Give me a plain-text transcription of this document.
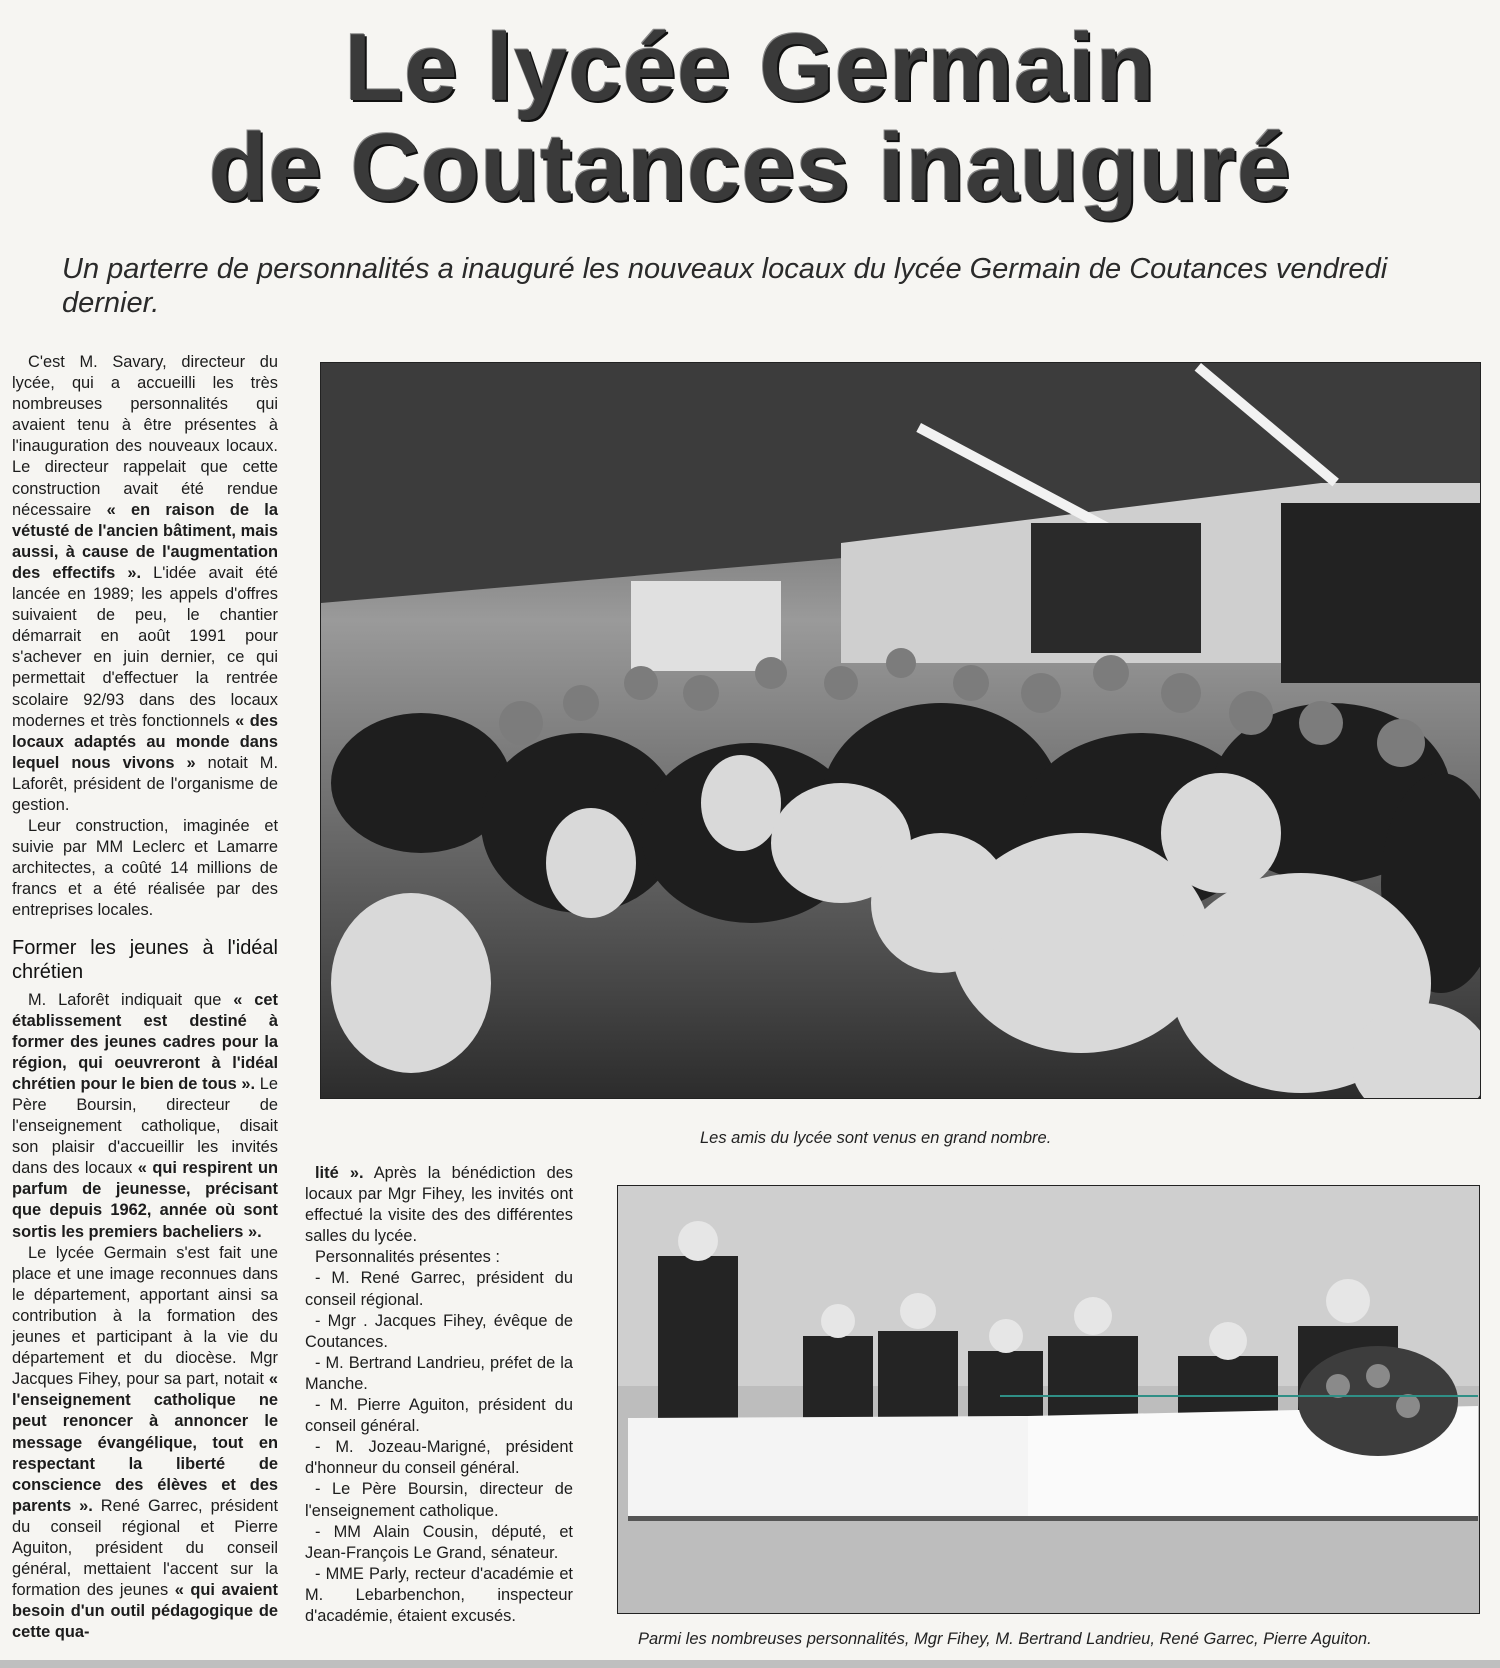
Le lycée Germain
de Coutances inauguré
Un parterre de personnalités a inauguré les nouveaux locaux du lycée Germain de Coutances vendredi dernier.

C'est M. Savary, directeur du lycée, qui a accueilli les très nombreuses personnalités qui avaient tenu à être présentes à l'inauguration des nouveaux locaux. Le directeur rappelait que cette construction avait été rendue nécessaire « en raison de la vétusté de l'ancien bâtiment, mais aussi, à cause de l'augmentation des effectifs ». L'idée avait été lancée en 1989; les appels d'offres suivaient de peu, le chantier démarrait en août 1991 pour s'achever en juin dernier, ce qui permettait d'effectuer la rentrée scolaire 92/93 dans des locaux modernes et très fonctionnels « des locaux adaptés au monde dans lequel nous vivons » notait M. Laforêt, président de l'organisme de gestion.

Leur construction, imaginée et suivie par MM Leclerc et Lamarre architectes, a coûté 14 millions de francs et a été réalisée par des entreprises locales.

Former les jeunes à l'idéal chrétien

M. Laforêt indiquait que « cet établissement est destiné à former des jeunes cadres pour la région, qui oeuvreront à l'idéal chrétien pour le bien de tous ». Le Père Boursin, directeur de l'enseignement catholique, disait son plaisir d'accueillir les invités dans des locaux « qui respirent un parfum de jeunesse, précisant que depuis 1962, année où sont sortis les premiers bacheliers ».

Le lycée Germain s'est fait une place et une image reconnues dans le département, apportant ainsi sa contribution à la formation des jeunes et participant à la vie du département et du diocèse. Mgr Jacques Fihey, pour sa part, notait « l'enseignement catholique ne peut renoncer à annoncer le message évangélique, tout en respectant la liberté de conscience des élèves et des parents ». René Garrec, président du conseil régional et Pierre Aguiton, président du conseil général, mettaient l'accent sur la formation des jeunes « qui avaient besoin d'un outil pédagogique de cette qua-

Les amis du lycée sont venus en grand nombre.

lité ». Après la bénédiction des locaux par Mgr Fihey, les invités ont effectué la visite des des différentes salles du lycée.

Personnalités présentes :

- M. René Garrec, président du conseil régional.

- Mgr . Jacques Fihey, évêque de Coutances.

- M. Bertrand Landrieu, préfet de la Manche.

- M. Pierre Aguiton, président du conseil général.

- M. Jozeau-Marigné, président d'honneur du conseil général.

- Le Père Boursin, directeur de l'enseignement catholique.

- MM Alain Cousin, député, et Jean-François Le Grand, sénateur.

- MME Parly, recteur d'académie et M. Lebarbenchon, inspecteur d'académie, étaient excusés.

Parmi les nombreuses personnalités, Mgr Fihey, M. Bertrand Landrieu, René Garrec, Pierre Aguiton.
